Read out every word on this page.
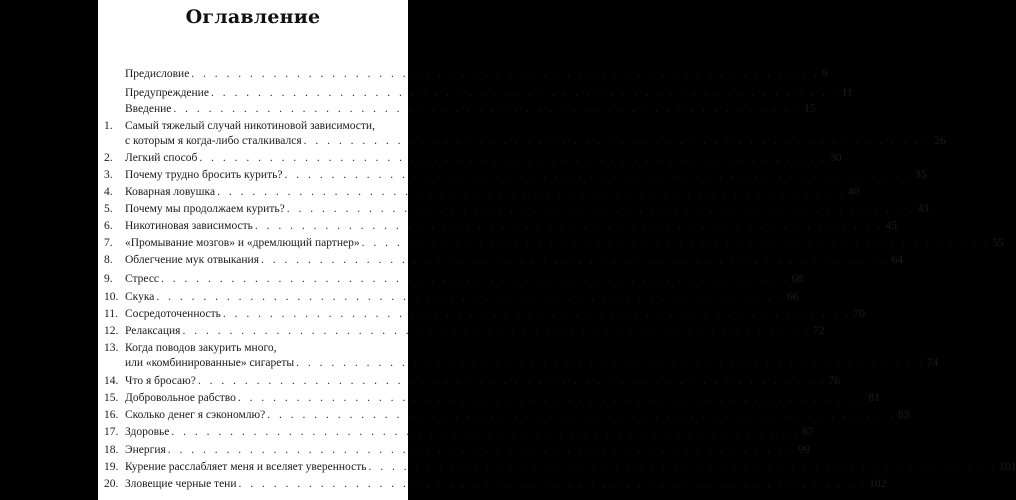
Оглавление
Предисловие . . . . . . . . . . . . . . . . . . . . . . . . . . . . . . . . . . . . . . . . . . . . . . . . . . . . . . 9
Предупреждение . . . . . . . . . . . . . . . . . . . . . . . . . . . . . . . . . . . . . . . . . . . . . . . . . . . . . . 11
Введение . . . . . . . . . . . . . . . . . . . . . . . . . . . . . . . . . . . . . . . . . . . . . . . . . . . . . . 15
1. Самый тяжелый случай никотиновой зависимости,
с которым я когда-либо сталкивался . . . . . . . . . . . . . . . . . . . . . . . . . . . . . . . . . . . . . . . . . . . . . . . . . . . . . . 26
2. Легкий способ . . . . . . . . . . . . . . . . . . . . . . . . . . . . . . . . . . . . . . . . . . . . . . . . . . . . . . 30
3. Почему трудно бросить курить? . . . . . . . . . . . . . . . . . . . . . . . . . . . . . . . . . . . . . . . . . . . . . . . . . . . . . . 35
4. Коварная ловушка . . . . . . . . . . . . . . . . . . . . . . . . . . . . . . . . . . . . . . . . . . . . . . . . . . . . . . 40
5. Почему мы продолжаем курить? . . . . . . . . . . . . . . . . . . . . . . . . . . . . . . . . . . . . . . . . . . . . . . . . . . . . . . 43
6. Никотиновая зависимость . . . . . . . . . . . . . . . . . . . . . . . . . . . . . . . . . . . . . . . . . . . . . . . . . . . . . . 45
7. «Промывание мозгов» и «дремлющий партнер» . . . . . . . . . . . . . . . . . . . . . . . . . . . . . . . . . . . . . . . . . . . . . . . . . . . . . . 55
8. Облегчение мук отвыкания . . . . . . . . . . . . . . . . . . . . . . . . . . . . . . . . . . . . . . . . . . . . . . . . . . . . . . 64
9. Стресс . . . . . . . . . . . . . . . . . . . . . . . . . . . . . . . . . . . . . . . . . . . . . . . . . . . . . . 68
10. Скука . . . . . . . . . . . . . . . . . . . . . . . . . . . . . . . . . . . . . . . . . . . . . . . . . . . . . . 66
11. Сосредоточенность . . . . . . . . . . . . . . . . . . . . . . . . . . . . . . . . . . . . . . . . . . . . . . . . . . . . . . 70
12. Релаксация . . . . . . . . . . . . . . . . . . . . . . . . . . . . . . . . . . . . . . . . . . . . . . . . . . . . . . 72
13. Когда поводов закурить много,
или «комбинированные» сигареты . . . . . . . . . . . . . . . . . . . . . . . . . . . . . . . . . . . . . . . . . . . . . . . . . . . . . . 74
14. Что я бросаю? . . . . . . . . . . . . . . . . . . . . . . . . . . . . . . . . . . . . . . . . . . . . . . . . . . . . . . 76
15. Добровольное рабство . . . . . . . . . . . . . . . . . . . . . . . . . . . . . . . . . . . . . . . . . . . . . . . . . . . . . . 81
16. Сколько денег я сэкономлю? . . . . . . . . . . . . . . . . . . . . . . . . . . . . . . . . . . . . . . . . . . . . . . . . . . . . . . 83
17. Здоровье . . . . . . . . . . . . . . . . . . . . . . . . . . . . . . . . . . . . . . . . . . . . . . . . . . . . . . 87
18. Энергия . . . . . . . . . . . . . . . . . . . . . . . . . . . . . . . . . . . . . . . . . . . . . . . . . . . . . . 99
19. Курение расслабляет меня и вселяет уверенность . . . . . . . . . . . . . . . . . . . . . . . . . . . . . . . . . . . . . . . . . . . . . . . . . . . . . . 101
20. Зловещие черные тени . . . . . . . . . . . . . . . . . . . . . . . . . . . . . . . . . . . . . . . . . . . . . . . . . . . . . . 102
